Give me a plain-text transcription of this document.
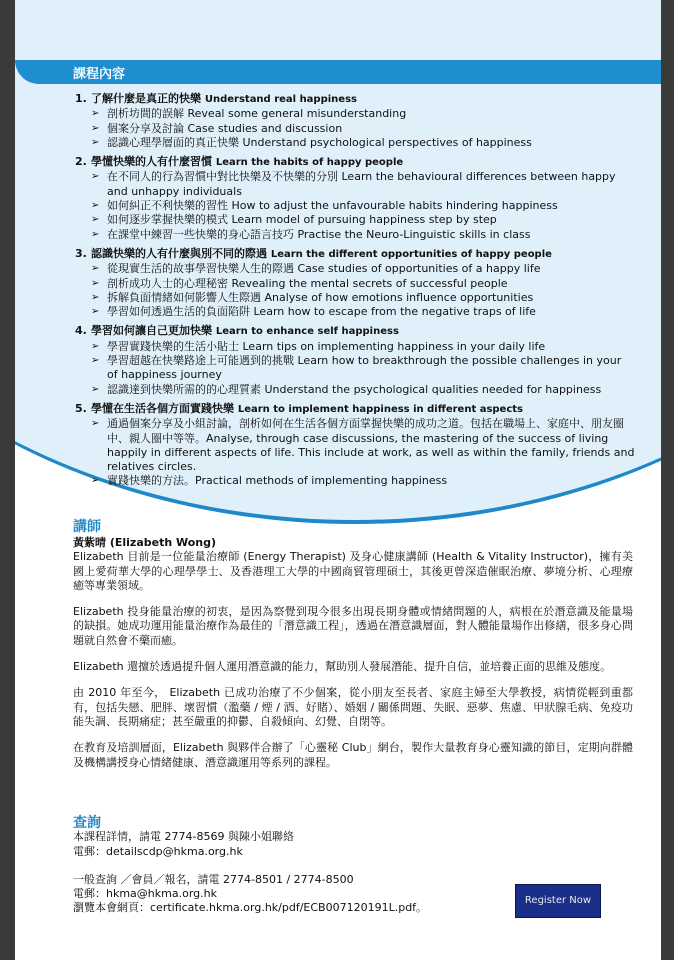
課程內容
1. 了解什麼是真正的快樂 Understand real happiness
➢ 剖析坊間的誤解 Reveal some general misunderstanding
➢ 個案分享及討論 Case studies and discussion
➢ 認識心理學層面的真正快樂 Understand psychological perspectives of happiness
2. 學懂快樂的人有什麼習慣 Learn the habits of happy people
➢ 在不同人的行為習慣中對比快樂及不快樂的分別 Learn the behavioural differences between happy and unhappy individuals
➢ 如何糾正不利快樂的習性 How to adjust the unfavourable habits hindering happiness
➢ 如何逐步掌握快樂的模式 Learn model of pursuing happiness step by step
➢ 在課堂中練習一些快樂的身心語言技巧 Practise the Neuro-Linguistic skills in class
3. 認識快樂的人有什麼與別不同的際遇 Learn the different opportunities of happy people
➢ 從現實生活的故事學習快樂人生的際遇 Case studies of opportunities of a happy life
➢ 剖析成功人士的心理秘密 Revealing the mental secrets of successful people
➢ 拆解負面情緒如何影響人生際遇 Analyse of how emotions influence opportunities
➢ 學習如何透過生活的負面陷阱 Learn how to escape from the negative traps of life
4. 學習如何讓自己更加快樂 Learn to enhance self happiness
➢ 學習實踐快樂的生活小貼士 Learn tips on implementing happiness in your daily life
➢ 學習超越在快樂路途上可能遇到的挑戰 Learn how to breakthrough the possible challenges in your of happiness journey
➢ 認識達到快樂所需的的心理質素 Understand the psychological qualities needed for happiness
5. 學懂在生活各個方面實踐快樂 Learn to implement happiness in different aspects
➢ 通過個案分享及小組討論，剖析如何在生活各個方面掌握快樂的成功之道。包括在職場上、家庭中、朋友圈中、親人圈中等等。Analyse, through case discussions, the mastering of the success of living happily in different aspects of life. This include at work, as well as within the family, friends and relatives circles.
➢ 實踐快樂的方法。Practical methods of implementing happiness
講師
黃紫晴 (Elizabeth Wong)

Elizabeth 目前是一位能量治療師 (Energy Therapist) 及身心健康講師 (Health & Vitality Instructor)，擁有美國上愛荷華大學的心理學學士、及香港理工大學的中國商貿管理碩士，其後更曾深造催眠治療、夢境分析、心理療癒等專業領域。

Elizabeth 投身能量治療的初衷，是因為察覺到現今很多出現長期身體或情緒問題的人，病根在於潛意識及能量場的缺損。她成功運用能量治療作為最佳的「潛意識工程」，透過在潛意識層面，對人體能量場作出修繕，很多身心問題就自然會不藥而癒。

Elizabeth 還擅於透過提升個人運用潛意識的能力，幫助別人發展潛能、提升自信，並培養正面的思維及態度。

由 2010 年至今， Elizabeth 已成功治療了不少個案，從小朋友至長者、家庭主婦至大學教授，病情從輕到重都有，包括失戀、肥胖、壞習慣（濫藥 / 煙 / 酒、好賭）、婚姻 / 關係問題、失眠、惡夢、焦慮、甲狀腺毛病、免疫功能失調、長期痛症；甚至嚴重的抑鬱、自殺傾向、幻覺、自閉等。

在教育及培訓層面，Elizabeth 與夥伴合辦了「心靈秘 Club」網台，製作大量教育身心靈知識的節目，定期向群體及機構講授身心情緒健康、潛意識運用等系列的課程。

查詢
本課程詳情，請電 2774-8569 與陳小姐聯絡
電郵：detailscdp@hkma.org.hk
一般查詢 ／會員／報名，請電 2774-8501 / 2774-8500
電郵：hkma@hkma.org.hk
瀏覽本會網頁：certificate.hkma.org.hk/pdf/ECB007120191L.pdf。
Register Now
